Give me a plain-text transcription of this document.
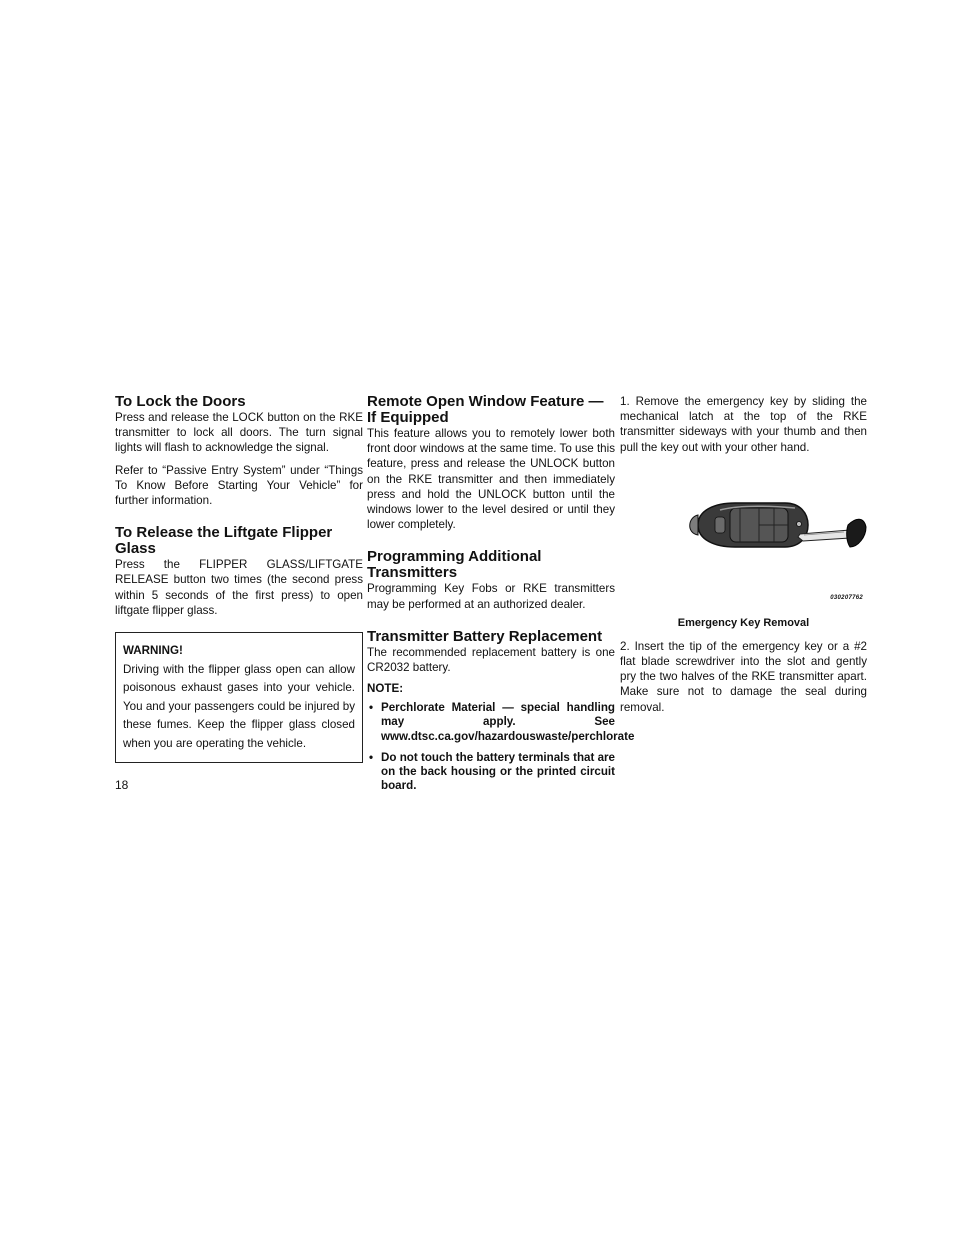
To Lock the Doors

Press and release the LOCK button on the RKE transmitter to lock all doors. The turn signal lights will flash to acknowledge the signal.

Refer to “Passive Entry System” under “Things To Know Before Starting Your Vehicle” for further information.

To Release the Liftgate Flipper
Glass

Press the FLIPPER GLASS/LIFTGATE RELEASE button two times (the second press within 5 seconds of the first press) to open liftgate flipper glass.

WARNING!
Driving with the flipper glass open can allow poisonous exhaust gases into your vehicle. You and your passengers could be injured by these fumes. Keep the flipper glass closed when you are operating the vehicle.
Remote Open Window Feature —
If Equipped

This feature allows you to remotely lower both front door windows at the same time. To use this feature, press and release the UNLOCK button on the RKE transmitter and then immediately press and hold the UNLOCK button until the windows lower to the level desired or until they lower completely.

Programming Additional
Transmitters

Programming Key Fobs or RKE transmitters may be performed at an authorized dealer.

Transmitter Battery Replacement

The recommended replacement battery is one CR2032 battery.

NOTE:
• Perchlorate Material — special handling may apply. See www.dtsc.ca.gov/hazardouswaste/perchlorate
• Do not touch the battery terminals that are on the back housing or the printed circuit board.

1. Remove the emergency key by sliding the mechanical latch at the top of the RKE transmitter sideways with your thumb and then pull the key out with your other hand.

030207762
Emergency Key Removal

2. Insert the tip of the emergency key or a #2 flat blade screwdriver into the slot and gently pry the two halves of the RKE transmitter apart. Make sure not to damage the seal during removal.

18
